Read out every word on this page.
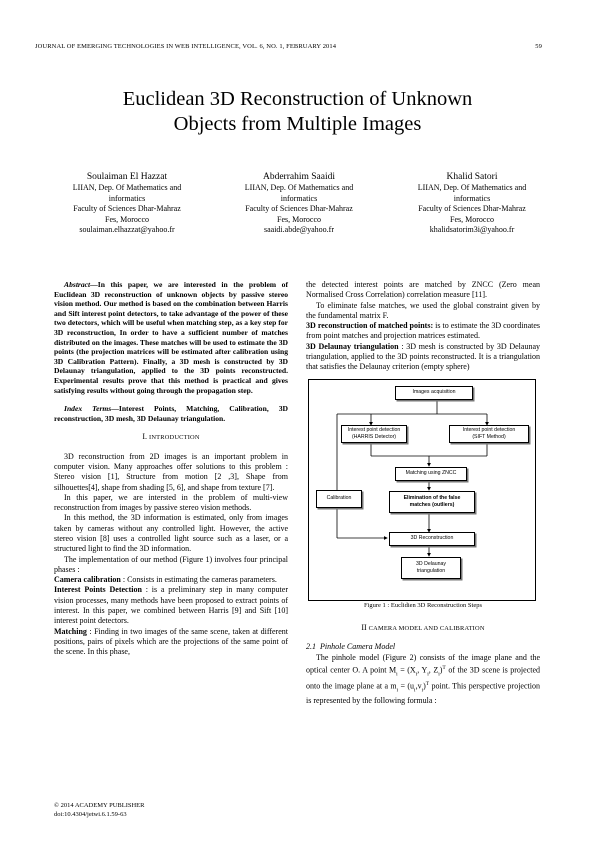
JOURNAL OF EMERGING TECHNOLOGIES IN WEB INTELLIGENCE, VOL. 6, NO. 1, FEBRUARY 2014	59
Euclidean 3D Reconstruction of Unknown
Objects from Multiple Images
Soulaiman El Hazzat
LIIAN, Dep. Of Mathematics and
informatics
Faculty of Sciences Dhar-Mahraz
Fes, Morocco
soulaiman.elhazzat@yahoo.fr
Abderrahim Saaidi
LIIAN, Dep. Of Mathematics and
informatics
Faculty of Sciences Dhar-Mahraz
Fes, Morocco
saaidi.abde@yahoo.fr
Khalid Satori
LIIAN, Dep. Of Mathematics and
informatics
Faculty of Sciences Dhar-Mahraz
Fes, Morocco
khalidsatorim3i@yahoo.fr

Abstract—In this paper, we are interested in the problem of Euclidean 3D reconstruction of unknown objects by passive stereo vision method. Our method is based on the combination between Harris and Sift interest point detectors, to take advantage of the power of these two detectors, which will be useful when matching step, as a key step for 3D reconstruction, In order to have a sufficient number of matches distributed on the images. These matches will be used to estimate the 3D points (the projection matrices will be estimated after calibration using 3D Calibration Pattern). Finally, a 3D mesh is constructed by 3D Delaunay triangulation, applied to the 3D points reconstructed. Experimental results prove that this method is practical and gives satisfying results without going through the propagation step.

Index Terms—Interest Points, Matching, Calibration, 3D reconstruction, 3D mesh, 3D Delaunay triangulation.

I. INTRODUCTION

3D reconstruction from 2D images is an important problem in computer vision. Many approaches offer solutions to this problem : Stereo vision [1], Structure from motion [2 ,3], Shape from silhouettes[4], shape from shading [5, 6], and shape from texture [7].

In this paper, we are intersted in the problem of multi-view reconstruction from images by passive stereo vision methods.

In this method, the 3D information is estimated, only from images taken by cameras without any controlled light. However, the active stereo vision [8] uses a controlled light source such as a laser, or a structured light to find the 3D information.

The implementation of our method (Figure 1) involves four principal phases :

Camera calibration : Consists in estimating the cameras parameters.

Interest Points Detection : is a preliminary step in many computer vision processes, many methods have been proposed to extract points of interest. In this paper, we combined between Harris [9] and Sift [10] interest point detectors.

Matching : Finding in two images of the same scene, taken at different positions, pairs of pixels which are the projections of the same point of the scene. In this phase,

the detected interest points are matched by ZNCC (Zero mean Normalised Cross Correlation) correlation measure [11].

To eliminate false matches, we used the global constraint given by the fundamental matrix F.

3D reconstruction of matched points: is to estimate the 3D coordinates from point matches and projection matrices estimated.

3D Delaunay triangulation : 3D mesh is constructed by 3D Delaunay triangulation, applied to the 3D points reconstructed. It is a triangulation that satisfies the Delaunay criterion (empty sphere)

Images acquisition
Interest point detection
(HARRIS Detector)
Interest point detection
(SIFT Method)
Calibration
Matching using ZNCC
Elimination of the false
matches (outliers)
3D Reconstruction
3D Delaunay
triangulation

Figure 1 : Euclidien 3D Reconstruction Steps

II CAMERA MODEL AND CALIBRATION

2.1 Pinhole Camera Model

The pinhole model (Figure 2) consists of the image plane and the optical center O. A point $M_i = (X_i$, $Y_i$, $Z_i)^T$ of the 3D scene is projected onto the image plane at a $m_i = (u_i,v_i)^T$ point. This perspective projection is represented by the following formula :

© 2014 ACADEMY PUBLISHER
doi:10.4304/jetwi.6.1.59-63
